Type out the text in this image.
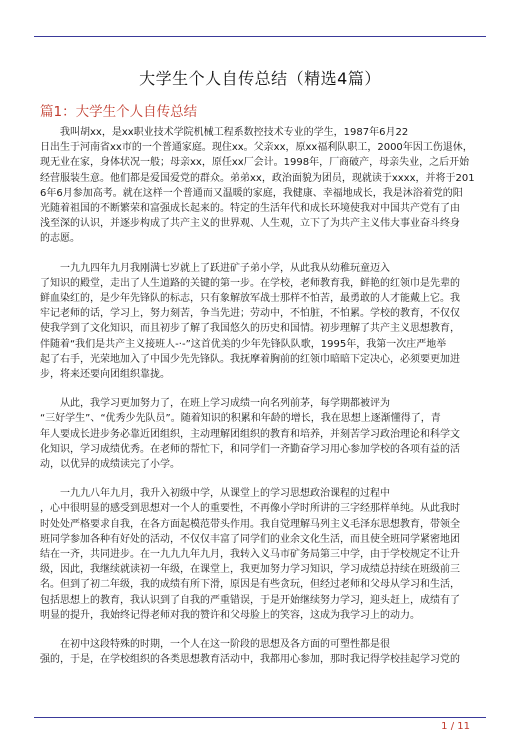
大学生个人自传总结（精选4篇）
篇1：大学生个人自传总结

　　我叫胡xx，是xx职业技术学院机械工程系数控技术专业的学生，1987年6月22
日出生于河南省xx市的一个普通家庭。现住xx。父亲xx，原xx福利队职工，2000年因工伤退休，
现无业在家，身体状况一般；母亲xx，原任xx厂会计。1998年，厂商破产，母亲失业，之后开始
经营服装生意。他们都是爱国爱党的群众。弟弟xx，政治面貌为团员，现就读于xxxx，并将于201
6年6月参加高考。就在这样一个普通而又温暖的家庭，我健康、幸福地成长，我是沐浴着党的阳
光随着祖国的不断繁荣和富强成长起来的。特定的生活年代和成长环境使我对中国共产党有了由
浅至深的认识，并逐步构成了共产主义的世界观、人生观，立下了为共产主义伟大事业奋斗终身
的志愿。

　　一九九四年九月我刚满七岁就上了跃进矿子弟小学，从此我从幼稚玩童迈入
了知识的殿堂，走出了人生道路的关键的第一步。在学校，老师教育我，鲜艳的红领巾是先辈的
鲜血染红的，是少年先锋队的标志，只有象解放军战士那样不怕苦，最勇敢的人才能戴上它。我
牢记老师的话，学习上，努力刻苦，争当先进；劳动中，不怕脏，不怕累。学校的教育，不仅仅
使我学到了文化知识，而且初步了解了我国悠久的历史和国情。初步理解了共产主义思想教育，
伴随着“我们是共产主义接班人-·-”这首优美的少年先锋队队歌，1995年，我第一次庄严地举
起了右手，光荣地加入了中国少先先锋队。我抚摩着胸前的红领巾暗暗下定决心，必须要更加进
步，将来还要向团组织靠拢。

　　从此，我学习更加努力了，在班上学习成绩一向名列前茅，每学期都被评为
“三好学生”、“优秀少先队员”。随着知识的积累和年龄的增长，我在思想上逐渐懂得了，青
年人要成长进步务必靠近团组织，主动理解团组织的教育和培养，并刻苦学习政治理论和科学文
化知识，学习成绩优秀。在老师的帮忙下，和同学们一齐勤奋学习用心参加学校的各项有益的活
动，以优异的成绩读完了小学。

　　一九九八年九月，我升入初级中学，从课堂上的学习思想政治课程的过程中
，心中很明显的感受到思想对一个人的重要性，不再像小学时所讲的三字经那样单纯。从此我时
时处处严格要求自我，在各方面起模范带头作用。我自觉理解马列主义毛泽东思想教育，带领全
班同学参加各种有好处的活动，不仅仅丰富了同学们的业余文化生活，而且使全班同学紧密地团
结在一齐，共同进步。在一九九九年九月，我转入义马市矿务局第三中学，由于学校规定不让升
级，因此，我继续就读初一年级，在课堂上，我更加努力学习知识，学习成绩总持续在班级前三
名。但到了初二年级，我的成绩有所下滑，原因是有些贪玩，但经过老师和父母从学习和生活，
包括思想上的教育，我认识到了自我的严重错误，于是开始继续努力学习，迎头赶上，成绩有了
明显的提升，我始终记得老师对我的赞许和父母脸上的笑容，这成为我学习上的动力。

　　在初中这段特殊的时期，一个人在这一阶段的思想及各方面的可塑性都是很
强的，于是，在学校组织的各类思想教育活动中，我都用心参加，那时我记得学校挂起学习党的

1 / 11
